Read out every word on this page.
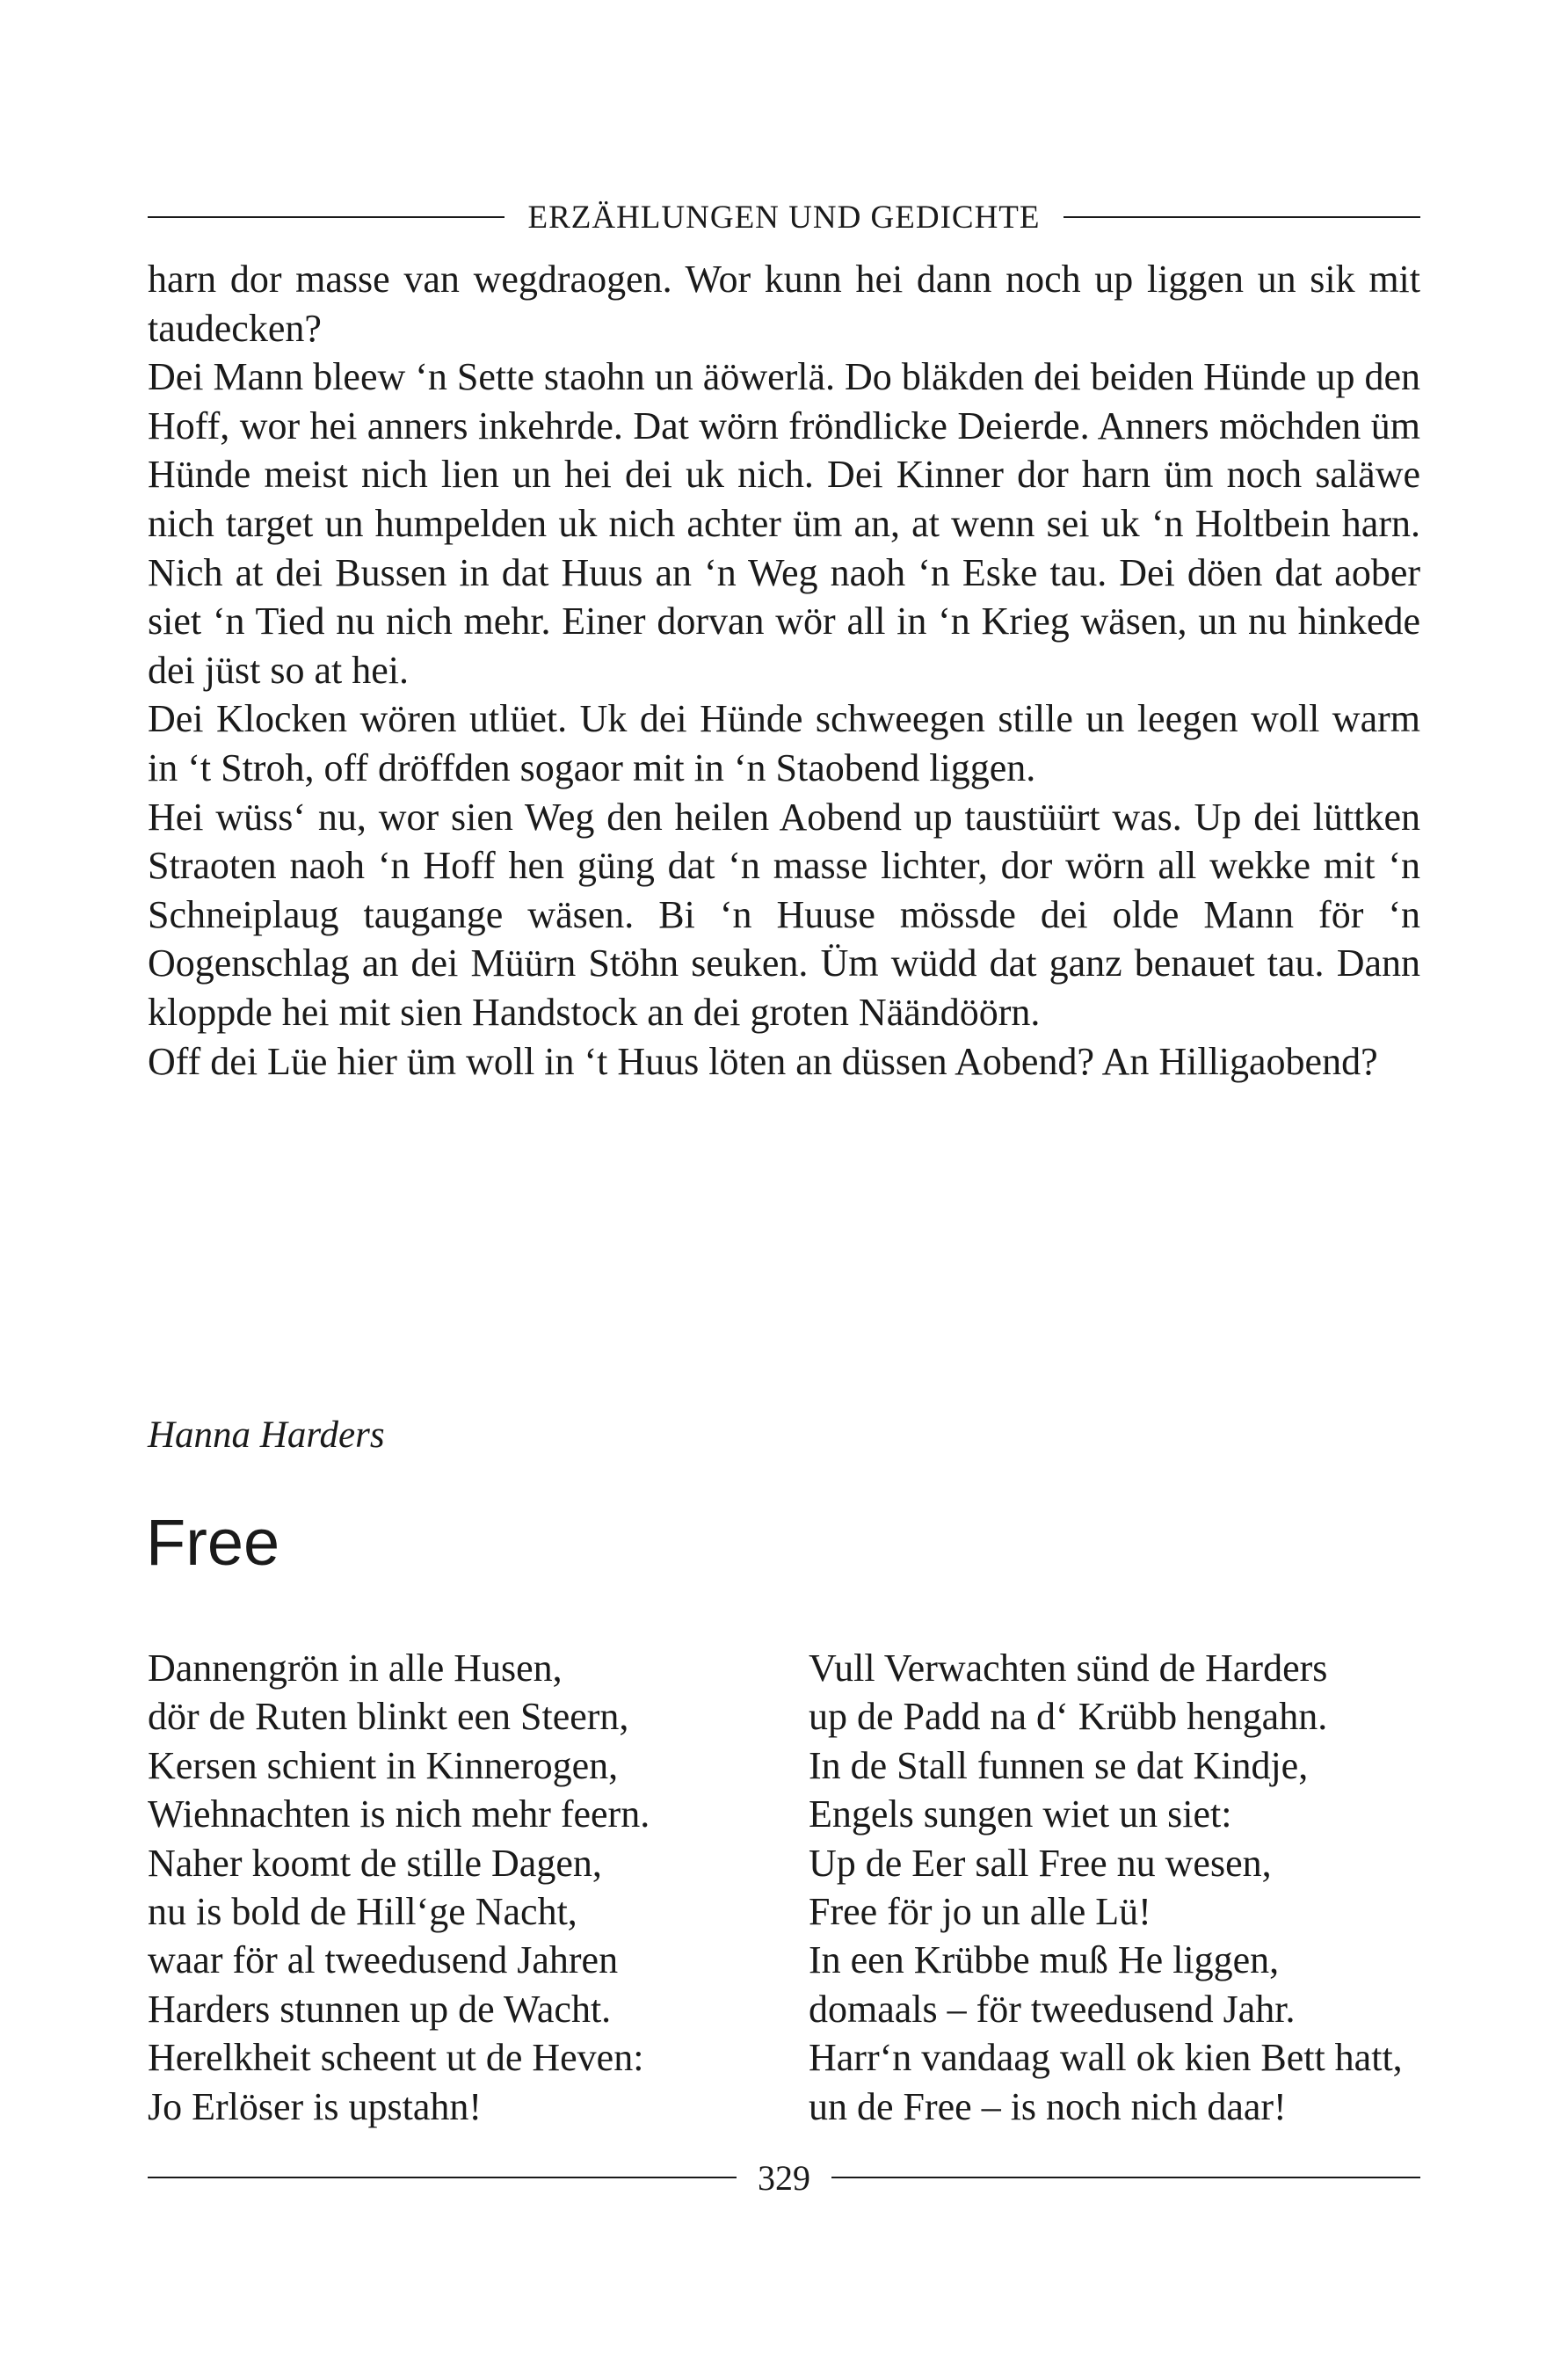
ERZÄHLUNGEN UND GEDICHTE

harn dor masse van wegdraogen. Wor kunn hei dann noch up liggen un sik mit taudecken?

Dei Mann bleew ‘n Sette staohn un äöwerlä. Do bläkden dei beiden Hünde up den Hoff, wor hei anners inkehrde. Dat wörn fröndlicke Deierde. Anners möchden üm Hünde meist nich lien un hei dei uk nich. Dei Kinner dor harn üm noch saläwe nich target un humpelden uk nich achter üm an, at wenn sei uk ‘n Holtbein harn. Nich at dei Bussen in dat Huus an ‘n Weg naoh ‘n Eske tau. Dei döen dat aober siet ‘n Tied nu nich mehr. Einer dorvan wör all in ‘n Krieg wäsen, un nu hinkede dei jüst so at hei.

Dei Klocken wören utlüet. Uk dei Hünde schweegen stille un leegen woll warm in ‘t Stroh, off dröffden sogaor mit in ‘n Staobend liggen.

Hei wüss‘ nu, wor sien Weg den heilen Aobend up taustüürt was. Up dei lüttken Straoten naoh ‘n Hoff hen güng dat ‘n masse lichter, dor wörn all wekke mit ‘n Schneiplaug taugange wäsen. Bi ‘n Huuse mössde dei olde Mann för ‘n Oogenschlag an dei Müürn Stöhn seuken. Üm wüdd dat ganz benauet tau. Dann kloppde hei mit sien Handstock an dei groten Näändöörn.

Off dei Lüe hier üm woll in ‘t Huus löten an düssen Aobend? An Hilligaobend?

Hanna Harders
Free
Dannengrön in alle Husen,
dör de Ruten blinkt een Steern,
Kersen schient in Kinnerogen,
Wiehnachten is nich mehr feern.
Naher koomt de stille Dagen,
nu is bold de Hill‘ge Nacht,
waar för al tweedusend Jahren
Harders stunnen up de Wacht.
Herelkheit scheent ut de Heven:
Jo Erlöser is upstahn!
Vull Verwachten sünd de Harders
up de Padd na d‘ Krübb hengahn.
In de Stall funnen se dat Kindje,
Engels sungen wiet un siet:
Up de Eer sall Free nu wesen,
Free för jo un alle Lü!
In een Krübbe muß He liggen,
domaals – för tweedusend Jahr.
Harr‘n vandaag wall ok kien Bett hatt,
un de Free – is noch nich daar!
329
